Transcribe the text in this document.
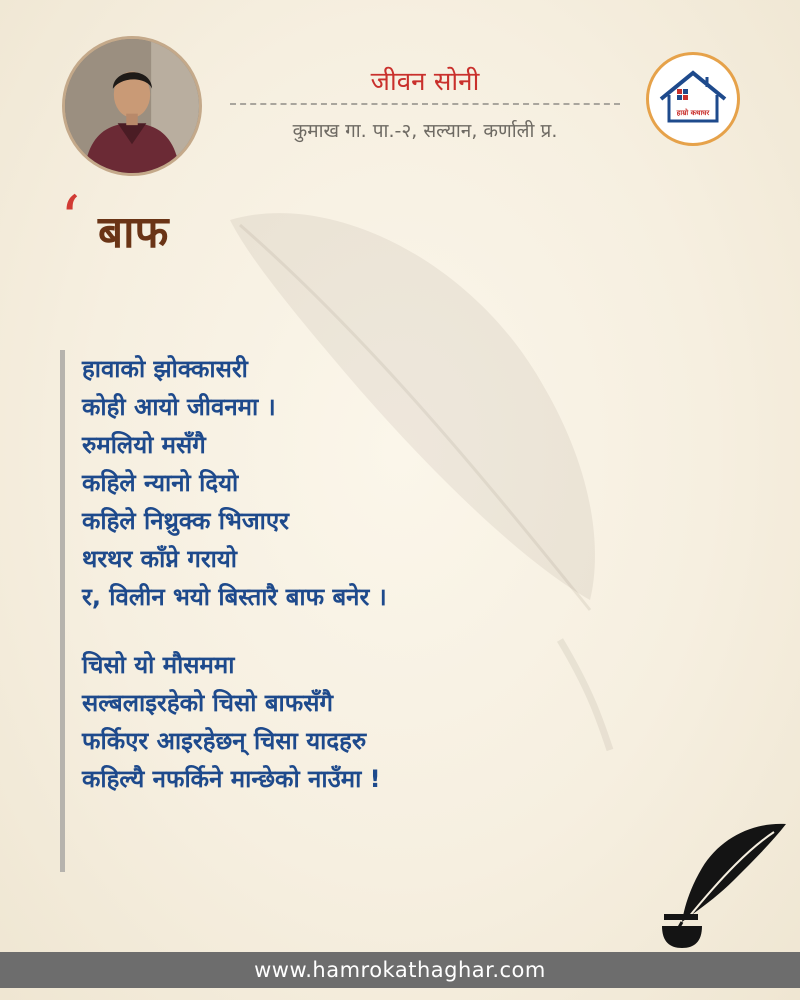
जीवन सोनी
कुमाख गा. पा.-२, सल्यान, कर्णाली प्र.
हाम्रो कथाघर
‘ बाफ
हावाको झोक्कासरी
कोही आयो जीवनमा ।
रुमलियो मसँगै
कहिले न्यानो दियो
कहिले निथ्रुक्क भिजाएर
थरथर काँप्ने गरायो
र, विलीन भयो बिस्तारै बाफ बनेर ।
चिसो यो मौसममा
सल्बलाइरहेको चिसो बाफसँगै
फर्किएर आइरहेछन् चिसा यादहरु
कहिल्यै नफर्किने मान्छेको नाउँमा !
www.hamrokathaghar.com
